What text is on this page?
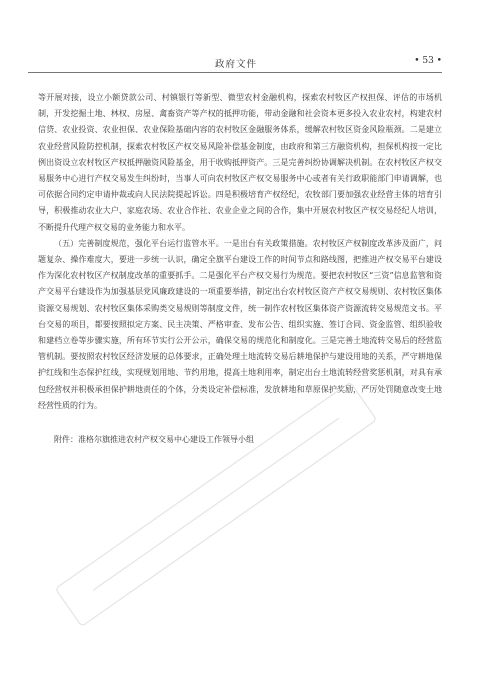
政府文件	• 53 •

等开展对接，设立小额贷款公司、村镇银行等新型、微型农村金融机构，探索农村牧区产权担保、评估的市场机制，开发挖掘土地、林权、房屋、禽畜资产等产权的抵押功能，带动金融和社会资本更多投入农业农村，构建农村信贷、农业投资、农业担保、农业保险基础内容的农村牧区金融服务体系，缓解农村牧区资金风险瓶颈。二是建立农业经营风险防控机制，探索农村牧区产权交易风险补偿基金制度，由政府和第三方融资机构，担保机构按一定比例出资设立农村牧区产权抵押融资风险基金，用于收购抵押资产。三是完善纠纷协调解决机制。在农村牧区产权交易服务中心进行产权交易发生纠纷时，当事人可向农村牧区产权交易服务中心或者有关行政职能部门申请调解，也可依据合同约定申请仲裁或向人民法院提起诉讼。四是积极培育产权经纪，农牧部门要加强农业经营主体的培育引导，积极推动农业大户、家庭农场、农业合作社、农业企业之间的合作，集中开展农村牧区产权交易经纪人培训，不断提升代理产权交易的业务能力和水平。

（五）完善制度规范，强化平台运行监管水平。一是出台有关政策措施。农村牧区产权制度改革涉及面广，问题复杂、操作难度大，要进一步统一认识，确定全旗平台建设工作的时间节点和路线图，把推进产权交易平台建设作为深化农村牧区产权制度改革的重要抓手。二是强化平台产权交易行为规范。要把农村牧区“三资”信息监管和资产交易平台建设作为加强基层党风廉政建设的一项重要举措，制定出台农村牧区资产产权交易规则、农村牧区集体资源交易规划、农村牧区集体采购类交易规则等制度文件，统一制作农村牧区集体资产资源流转交易规范文书。平台交易的项目，都要按照拟定方案、民主决策、严格审查、发布公告、组织实施、签订合同、资金监管、组织验收和建档立卷等步骤实施，所有环节实行公开公示，确保交易的规范化和制度化。三是完善土地流转交易后的经营监管机制。要按照农村牧区经济发展的总体要求，正确处理土地流转交易后耕地保护与建设用地的关系，严守耕地保护红线和生态保护红线，实现规划用地、节约用地，提高土地利用率，制定出台土地流转经营奖惩机制，对具有承包经营权并积极承担保护耕地责任的个体，分类设定补偿标准，发放耕地和草原保护奖励，严厉处罚随意改变土地经营性质的行为。

附件：准格尔旗推进农村产权交易中心建设工作领导小组
